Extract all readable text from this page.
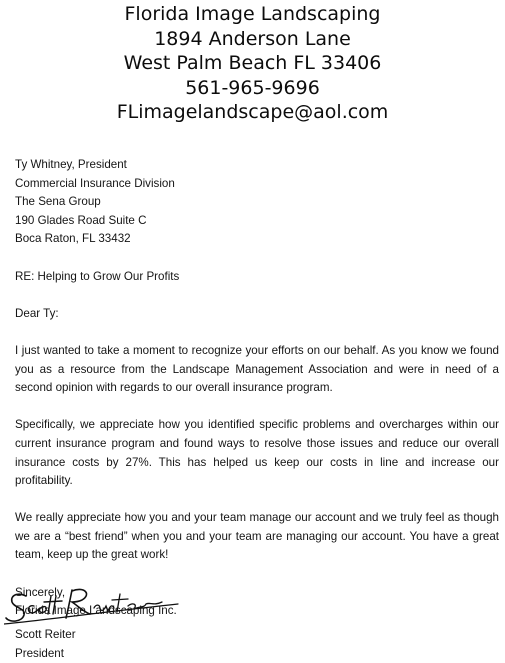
Florida Image Landscaping
1894 Anderson Lane
West Palm Beach FL 33406
561-965-9696
FLimagelandscape@aol.com
Ty Whitney, President
Commercial Insurance Division
The Sena Group
190 Glades Road Suite C
Boca Raton, FL 33432
RE: Helping to Grow Our Profits
Dear Ty:
I just wanted to take a moment to recognize your efforts on our behalf. As you know we found you as a resource from the Landscape Management Association and were in need of a second opinion with regards to our overall insurance program.
Specifically, we appreciate how you identified specific problems and overcharges within our current insurance program and found ways to resolve those issues and reduce our overall insurance costs by 27%. This has helped us keep our costs in line and increase our profitability.
We really appreciate how you and your team manage our account and we truly feel as though we are a “best friend” when you and your team are managing our account. You have a great team, keep up the great work!
Sincerely,
Florida Image Landscaping Inc.
Scott Reiter
President
